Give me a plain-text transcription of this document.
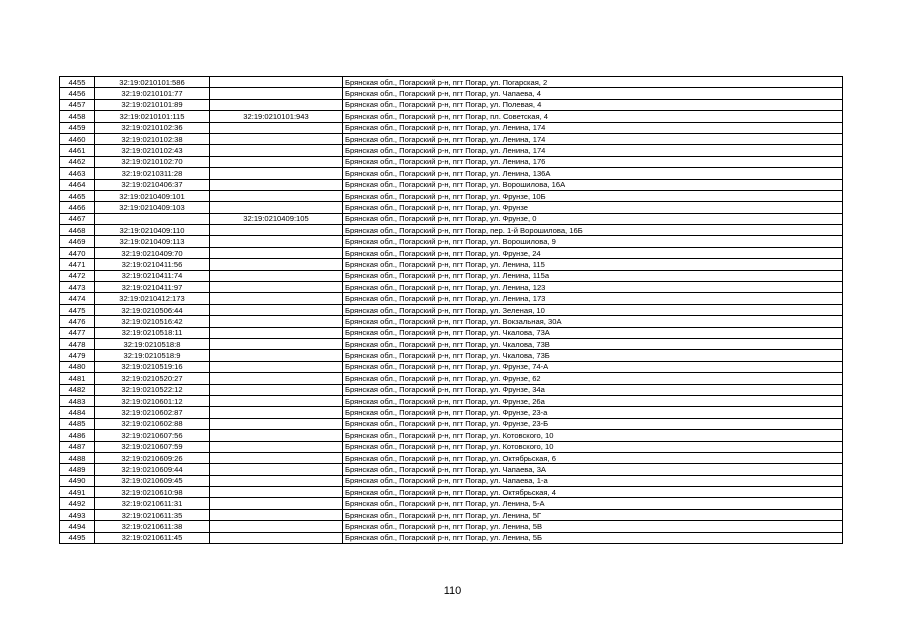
4455	32:19:0210101:586		Брянская обл., Погарский р-н, пгт Погар, ул. Погарская, 2
4456	32:19:0210101:77		Брянская обл., Погарский р-н, пгт Погар, ул. Чапаева, 4
4457	32:19:0210101:89		Брянская обл., Погарский р-н, пгт Погар, ул. Полевая, 4
4458	32:19:0210101:115	32:19:0210101:943	Брянская обл., Погарский р-н, пгт Погар, пл. Советская, 4
4459	32:19:0210102:36		Брянская обл., Погарский р-н, пгт Погар, ул. Ленина, 174
4460	32:19:0210102:38		Брянская обл., Погарский р-н, пгт Погар, ул. Ленина, 174
4461	32:19:0210102:43		Брянская обл., Погарский р-н, пгт Погар, ул. Ленина, 174
4462	32:19:0210102:70		Брянская обл., Погарский р-н, пгт Погар, ул. Ленина, 176
4463	32:19:0210311:28		Брянская обл., Погарский р-н, пгт Погар, ул. Ленина, 136А
4464	32:19:0210406:37		Брянская обл., Погарский р-н, пгт Погар, ул. Ворошилова, 16А
4465	32:19:0210409:101		Брянская обл., Погарский р-н, пгт Погар, ул. Фрунзе, 10Б
4466	32:19:0210409:103		Брянская обл., Погарский р-н, пгт Погар, ул. Фрунзе
4467		32:19:0210409:105	Брянская обл., Погарский р-н, пгт Погар, ул. Фрунзе, 0
4468	32:19:0210409:110		Брянская обл., Погарский р-н, пгт Погар, пер. 1-й Ворошилова, 16Б
4469	32:19:0210409:113		Брянская обл., Погарский р-н, пгт Погар, ул. Ворошилова, 9
4470	32:19:0210409:70		Брянская обл., Погарский р-н, пгт Погар, ул. Фрунзе, 24
4471	32:19:0210411:56		Брянская обл., Погарский р-н, пгт Погар, ул. Ленина, 115
4472	32:19:0210411:74		Брянская обл., Погарский р-н, пгт Погар, ул. Ленина, 115а
4473	32:19:0210411:97		Брянская обл., Погарский р-н, пгт Погар, ул. Ленина, 123
4474	32:19:0210412:173		Брянская обл., Погарский р-н, пгт Погар, ул. Ленина, 173
4475	32:19:0210506:44		Брянская обл., Погарский р-н, пгт Погар, ул. Зеленая, 10
4476	32:19:0210516:42		Брянская обл., Погарский р-н, пгт Погар, ул. Вокзальная, 30А
4477	32:19:0210518:11		Брянская обл., Погарский р-н, пгт Погар, ул. Чкалова, 73А
4478	32:19:0210518:8		Брянская обл., Погарский р-н, пгт Погар, ул. Чкалова, 73В
4479	32:19:0210518:9		Брянская обл., Погарский р-н, пгт Погар, ул. Чкалова, 73Б
4480	32:19:0210519:16		Брянская обл., Погарский р-н, пгт Погар, ул. Фрунзе, 74-А
4481	32:19:0210520:27		Брянская обл., Погарский р-н, пгт Погар, ул. Фрунзе, 62
4482	32:19:0210522:12		Брянская обл., Погарский р-н, пгт Погар, ул. Фрунзе, 34а
4483	32:19:0210601:12		Брянская обл., Погарский р-н, пгт Погар, ул. Фрунзе, 26а
4484	32:19:0210602:87		Брянская обл., Погарский р-н, пгт Погар, ул. Фрунзе, 23-а
4485	32:19:0210602:88		Брянская обл., Погарский р-н, пгт Погар, ул. Фрунзе, 23-Б
4486	32:19:0210607:56		Брянская обл., Погарский р-н, пгт Погар, ул. Котовского, 10
4487	32:19:0210607:59		Брянская обл., Погарский р-н, пгт Погар, ул. Котовского, 10
4488	32:19:0210609:26		Брянская обл., Погарский р-н, пгт Погар, ул. Октябрьская, 6
4489	32:19:0210609:44		Брянская обл., Погарский р-н, пгт Погар, ул. Чапаева, 3А
4490	32:19:0210609:45		Брянская обл., Погарский р-н, пгт Погар, ул. Чапаева, 1-а
4491	32:19:0210610:98		Брянская обл., Погарский р-н, пгт Погар, ул. Октябрьская, 4
4492	32:19:0210611:31		Брянская обл., Погарский р-н, пгт Погар, ул. Ленина, 5-А
4493	32:19:0210611:35		Брянская обл., Погарский р-н, пгт Погар, ул. Ленина, 5Г
4494	32:19:0210611:38		Брянская обл., Погарский р-н, пгт Погар, ул. Ленина, 5В
4495	32:19:0210611:45		Брянская обл., Погарский р-н, пгт Погар, ул. Ленина, 5Б
110
